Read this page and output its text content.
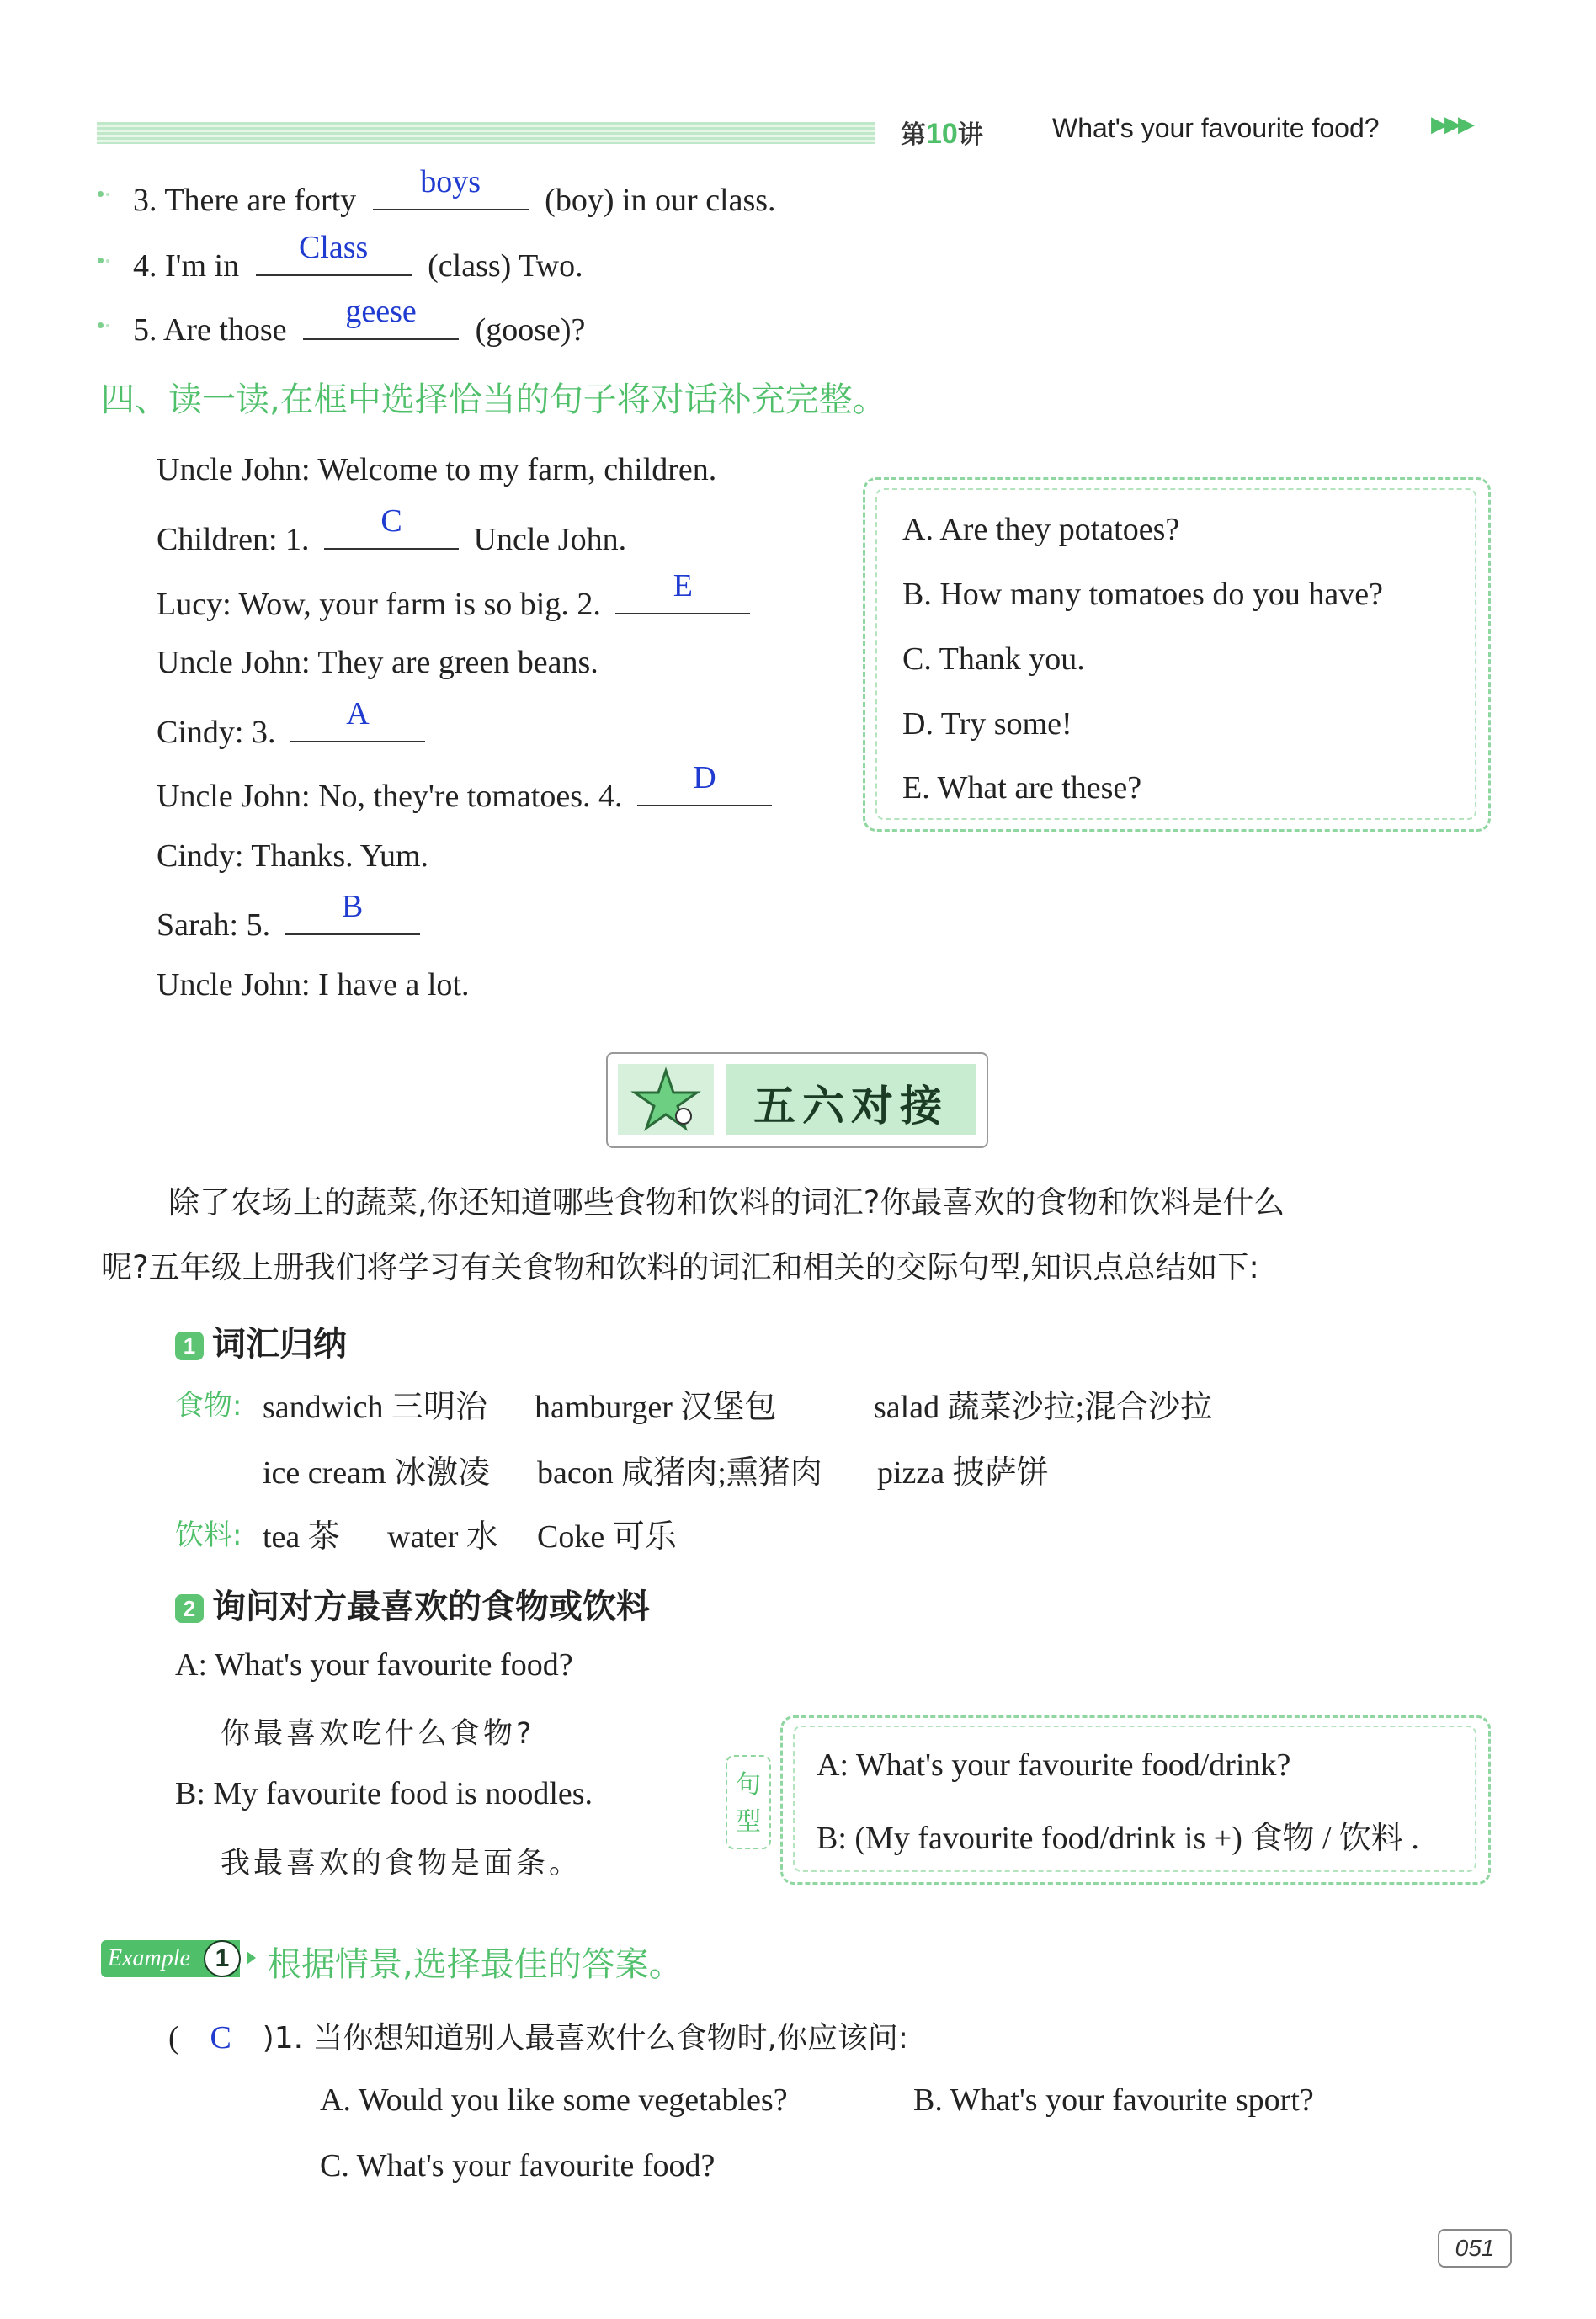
第10讲	What's your favourite food? ▶▶▶
3. There are forty
boys
(boy) in our class.
4. I'm in
Class
(class) Two.
5. Are those
geese
(goose)?
四、读一读,在框中选择恰当的句子将对话补充完整。
Uncle John: Welcome to my farm, children.
Children: 1.
C
Uncle John.
Lucy: Wow, your farm is so big. 2.
E
Uncle John: They are green beans.
Cindy: 3.
A
Uncle John: No, they're tomatoes. 4.
D
Cindy: Thanks. Yum.
Sarah: 5.
B
Uncle John: I have a lot.
A. Are they potatoes?
B. How many tomatoes do you have?
C. Thank you.
D. Try some!
E. What are these?
五六对接
除了农场上的蔬菜,你还知道哪些食物和饮料的词汇?你最喜欢的食物和饮料是什么
呢?五年级上册我们将学习有关食物和饮料的词汇和相关的交际句型,知识点总结如下:
1 词汇归纳
食物: sandwich 三明治 hamburger 汉堡包	salad 蔬菜沙拉;混合沙拉
ice cream 冰激凌 bacon 咸猪肉;熏猪肉 pizza 披萨饼
饮料: tea 茶 water 水 Coke 可乐
2 询问对方最喜欢的食物或饮料
A: What's your favourite food?
你最喜欢吃什么食物?
B: My favourite food is noodles.
我最喜欢的食物是面条。
句
型
A: What's your favourite food/drink?
B: (My favourite food/drink is +) 食物 / 饮料 .
Example 1	根据情景,选择最佳的答案。
( C )1. 当你想知道别人最喜欢什么食物时,你应该问:
A. Would you like some vegetables?	B. What's your favourite sport?
C. What's your favourite food?
051
